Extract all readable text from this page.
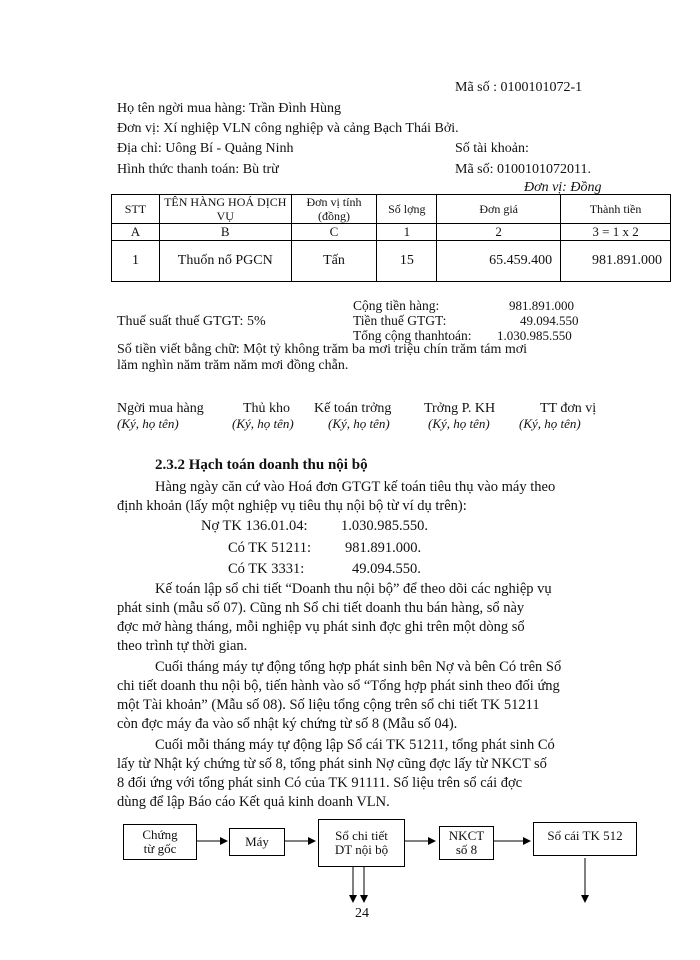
Mã số : 0100101072-1
Họ tên ngời mua hàng: Trần Đình Hùng
Đơn vị: Xí nghiệp VLN công nghiệp và cảng Bạch Thái Bởi.
Địa chỉ: Uông Bí - Quảng Ninh	Số tài khoản:
Hình thức thanh toán: Bù trừ	Mã số: 0100101072011.
Đơn vị: Đồng
STT	TÊN HÀNG HOÁ DỊCH VỤ	Đơn vị tính (đồng)	Số lợng	Đơn giá	Thành tiền
A	B	C	1	2	3 = 1 x 2
1	Thuốn nổ PGCN	Tấn	15	65.459.400	981.891.000
Cộng tiền hàng:	981.891.000
Thuế suất thuế GTGT: 5%	Tiền thuế GTGT:	49.094.550
Tổng cộng thanhtoán: 1.030.985.550
Số tiền viết bằng chữ: Một tỷ không trăm ba mơi triệu chín trăm tám mơi
lăm nghìn năm trăm năm mơi đồng chẵn.
Ngời mua hàng	Thủ kho Kế toán trởng Trởng P. KH	TT đơn vị
(Ký, họ tên)	(Ký, họ tên)	(Ký, họ tên)	(Ký, họ tên) (Ký, họ tên)
2.3.2 Hạch toán doanh thu nội bộ
Hàng ngày căn cứ vào Hoá đơn GTGT kế toán tiêu thụ vào máy theo
định khoản (lấy một nghiệp vụ tiêu thụ nội bộ từ ví dụ trên):
Nợ TK 136.01.04: 1.030.985.550.
Có TK 51211: 981.891.000.
Có TK 3331:	49.094.550.
Kế toán lập sổ chi tiết “Doanh thu nội bộ” để theo dõi các nghiệp vụ
phát sinh (mẫu số 07). Cũng nh Sổ chi tiết doanh thu bán hàng, sổ này
đợc mở hàng tháng, mỗi nghiệp vụ phát sinh đợc ghi trên một dòng sổ
theo trình tự thời gian.
Cuối tháng máy tự động tổng hợp phát sinh bên Nợ và bên Có trên Sổ
chi tiết doanh thu nội bộ, tiến hành vào sổ “Tổng hợp phát sinh theo đối ứng
một Tài khoản” (Mẫu số 08). Số liệu tổng cộng trên sổ chi tiết TK 51211
còn đợc máy đa vào sổ nhật ký chứng từ số 8 (Mẫu số 04).
Cuối mỗi tháng máy tự động lập Sổ cái TK 51211, tổng phát sinh Có
lấy từ Nhật ký chứng từ số 8, tổng phát sinh Nợ cũng đợc lấy từ NKCT số
8 đối ứng với tổng phát sinh Có của TK 91111. Số liệu trên sổ cái đợc
dùng để lập Báo cáo Kết quả kinh doanh VLN.
Chứng
từ gốc	Máy	Sổ chi tiết
DT nội bộ
NKCT
số 8
Sổ cái TK 512
24
